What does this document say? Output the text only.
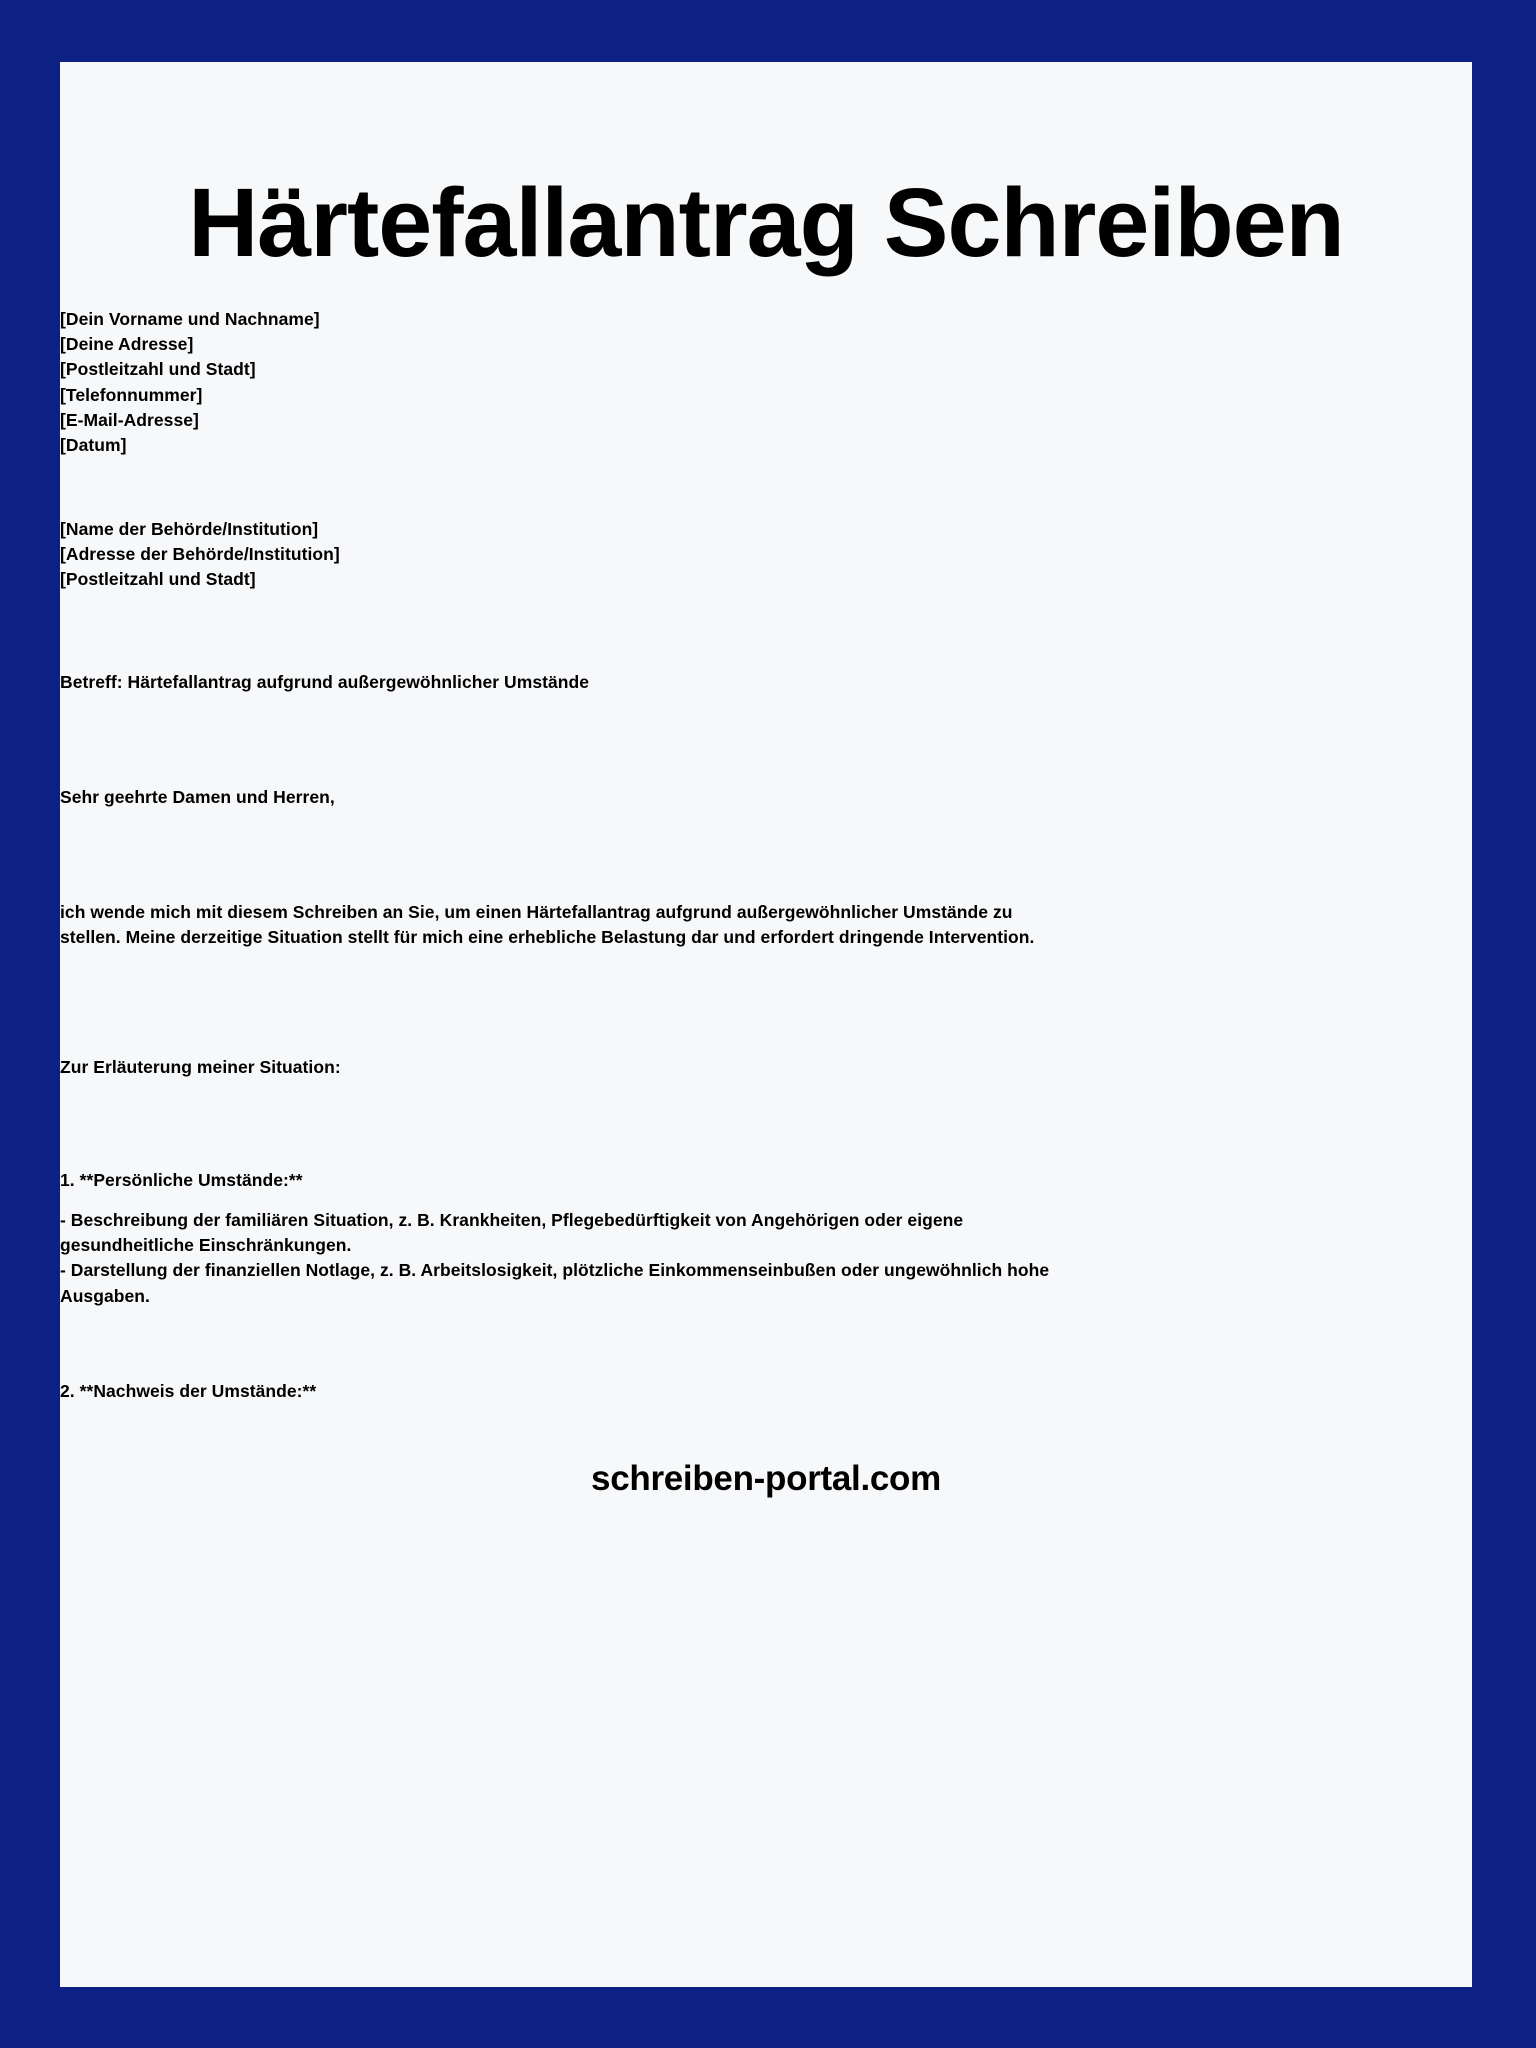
Härtefallantrag Schreiben

[Dein Vorname und Nachname]

[Deine Adresse]

[Postleitzahl und Stadt]

[Telefonnummer]

[E-Mail-Adresse]

[Datum]

[Name der Behörde/Institution]

[Adresse der Behörde/Institution]

[Postleitzahl und Stadt]

Betreff: Härtefallantrag aufgrund außergewöhnlicher Umstände

Sehr geehrte Damen und Herren,

ich wende mich mit diesem Schreiben an Sie, um einen Härtefallantrag aufgrund außergewöhnlicher Umstände zu stellen. Meine derzeitige Situation stellt für mich eine erhebliche Belastung dar und erfordert dringende Intervention.

Zur Erläuterung meiner Situation:

1. **Persönliche Umstände:**

- Beschreibung der familiären Situation, z. B. Krankheiten, Pflegebedürftigkeit von Angehörigen oder eigene gesundheitliche Einschränkungen.

- Darstellung der finanziellen Notlage, z. B. Arbeitslosigkeit, plötzliche Einkommenseinbußen oder ungewöhnlich hohe Ausgaben.

2. **Nachweis der Umstände:**

schreiben-portal.com
